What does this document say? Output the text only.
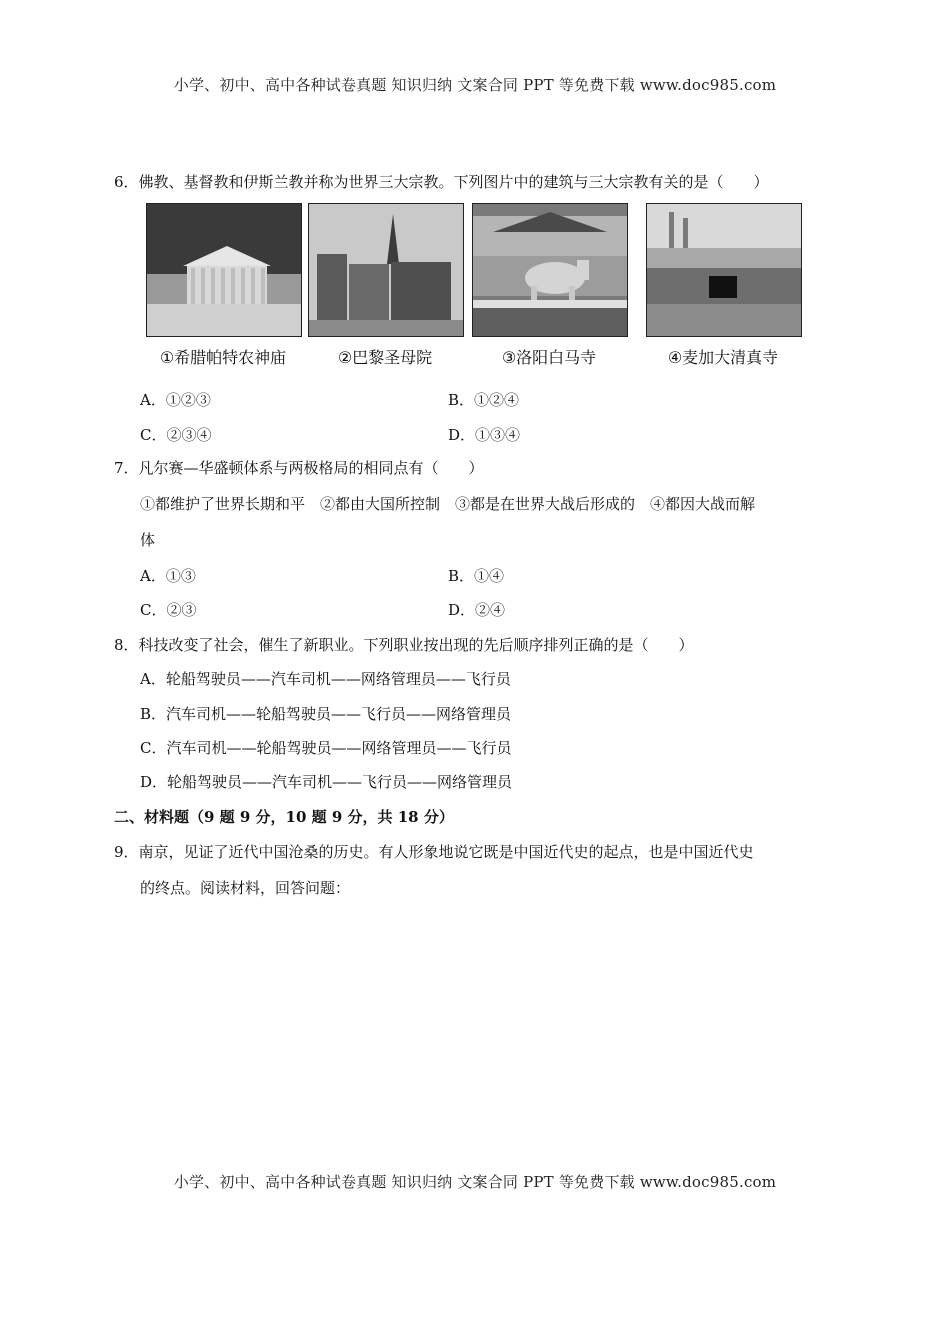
小学、初中、高中各种试卷真题 知识归纳 文案合同 PPT 等免费下载 www.doc985.com
6．佛教、基督教和伊斯兰教并称为世界三大宗教。下列图片中的建筑与三大宗教有关的是（　　）
①希腊帕特农神庙	②巴黎圣母院	③洛阳白马寺	④麦加大清真寺
A．①②③	B．①②④
C．②③④	D．①③④
7．凡尔赛—华盛顿体系与两极格局的相同点有（　　）
①都维护了世界长期和平　②都由大国所控制　③都是在世界大战后形成的　④都因大战而解
体
A．①③	B．①④
C．②③	D．②④
8．科技改变了社会，催生了新职业。下列职业按出现的先后顺序排列正确的是（　　）
A．轮船驾驶员——汽车司机——网络管理员——飞行员
B．汽车司机——轮船驾驶员——飞行员——网络管理员
C．汽车司机——轮船驾驶员——网络管理员——飞行员
D．轮船驾驶员——汽车司机——飞行员——网络管理员
二、材料题（9 题 9 分，10 题 9 分，共 18 分）
9．南京，见证了近代中国沧桑的历史。有人形象地说它既是中国近代史的起点，也是中国近代史
的终点。阅读材料，回答问题：
小学、初中、高中各种试卷真题 知识归纳 文案合同 PPT 等免费下载 www.doc985.com
